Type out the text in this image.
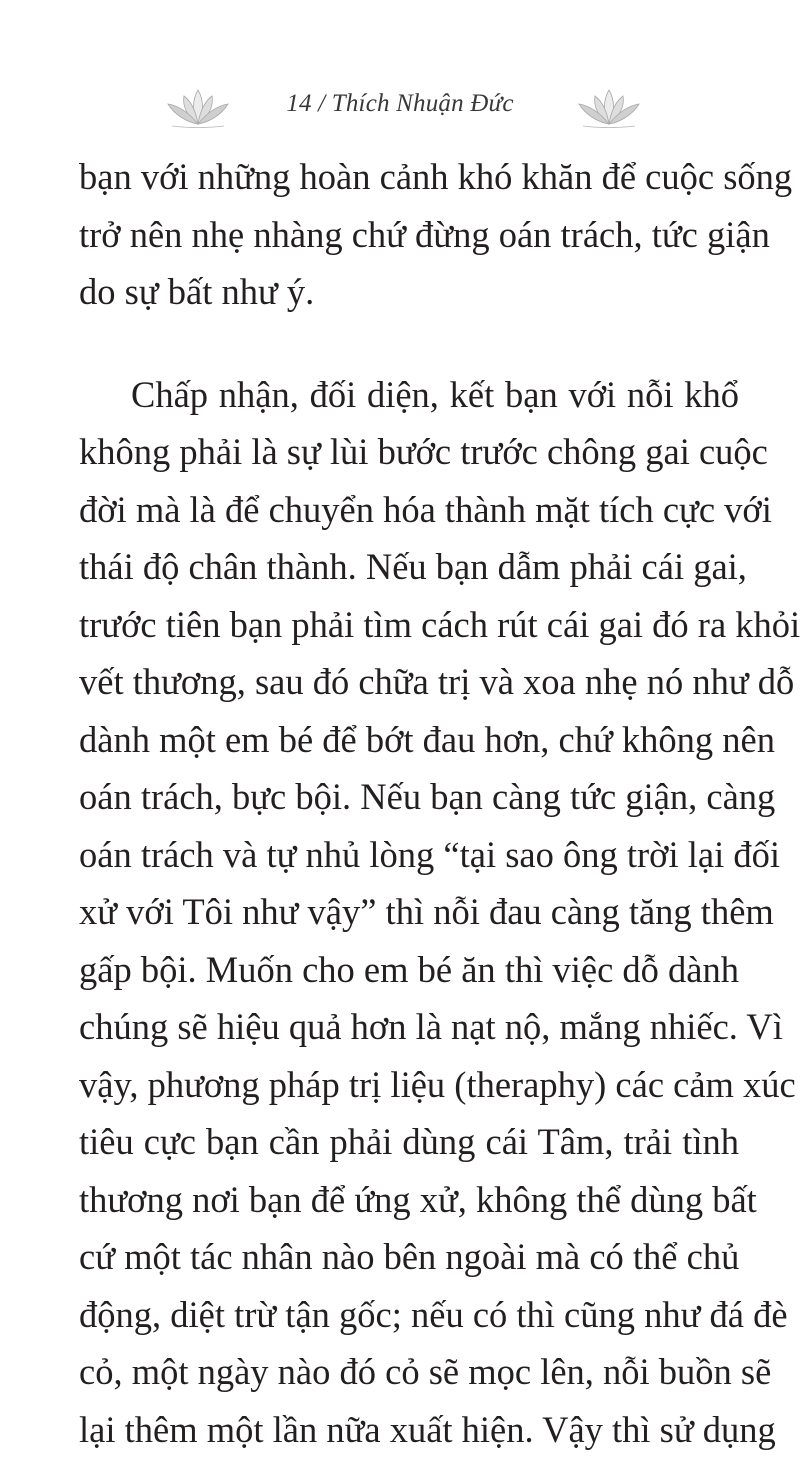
14 / Thích Nhuận Đức

bạn với những hoàn cảnh khó khăn để cuộc sống
trở nên nhẹ nhàng chứ đừng oán trách, tức giận
do sự bất như ý.

Chấp nhận, đối diện, kết bạn với nỗi khổ
không phải là sự lùi bước trước chông gai cuộc
đời mà là để chuyển hóa thành mặt tích cực với
thái độ chân thành. Nếu bạn dẫm phải cái gai,
trước tiên bạn phải tìm cách rút cái gai đó ra khỏi
vết thương, sau đó chữa trị và xoa nhẹ nó như dỗ
dành một em bé để bớt đau hơn, chứ không nên
oán trách, bực bội. Nếu bạn càng tức giận, càng
oán trách và tự nhủ lòng “tại sao ông trời lại đối
xử với Tôi như vậy” thì nỗi đau càng tăng thêm
gấp bội. Muốn cho em bé ăn thì việc dỗ dành
chúng sẽ hiệu quả hơn là nạt nộ, mắng nhiếc. Vì
vậy, phương pháp trị liệu (theraphy) các cảm xúc
tiêu cực bạn cần phải dùng cái Tâm, trải tình
thương nơi bạn để ứng xử, không thể dùng bất
cứ một tác nhân nào bên ngoài mà có thể chủ
động, diệt trừ tận gốc; nếu có thì cũng như đá đè
cỏ, một ngày nào đó cỏ sẽ mọc lên, nỗi buồn sẽ
lại thêm một lần nữa xuất hiện. Vậy thì sử dụng
